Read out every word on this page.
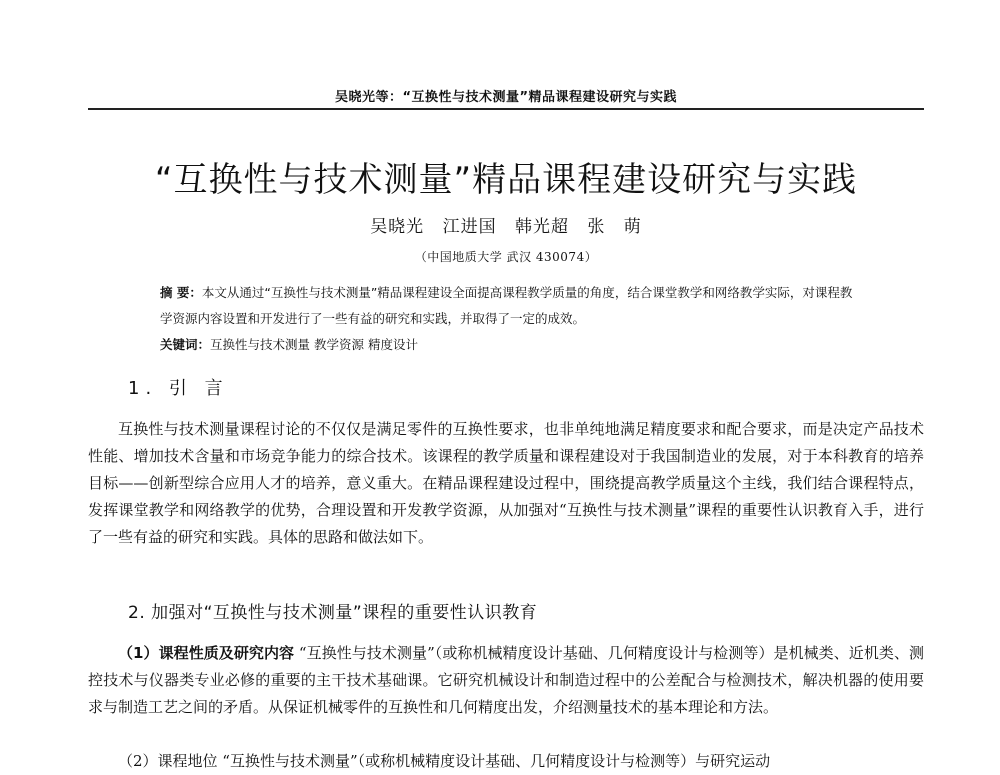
吴晓光等：“互换性与技术测量”精品课程建设研究与实践
“互换性与技术测量”精品课程建设研究与实践
吴晓光 江进国 韩光超 张 萌
（中国地质大学 武汉 430074）
摘 要：本文从通过“互换性与技术测量”精品课程建设全面提高课程教学质量的角度，结合课堂教学和网络教学实际，对课程教学资源内容设置和开发进行了一些有益的研究和实践，并取得了一定的成效。
关键词：互换性与技术测量 教学资源 精度设计
1. 引 言
互换性与技术测量课程讨论的不仅仅是满足零件的互换性要求，也非单纯地满足精度要求和配合要求，而是决定产品技术性能、增加技术含量和市场竞争能力的综合技术。该课程的教学质量和课程建设对于我国制造业的发展，对于本科教育的培养目标——创新型综合应用人才的培养，意义重大。在精品课程建设过程中，围绕提高教学质量这个主线，我们结合课程特点，发挥课堂教学和网络教学的优势，合理设置和开发教学资源，从加强对“互换性与技术测量”课程的重要性认识教育入手，进行了一些有益的研究和实践。具体的思路和做法如下。
2. 加强对“互换性与技术测量”课程的重要性认识教育
（1）课程性质及研究内容 “互换性与技术测量”（或称机械精度设计基础、几何精度设计与检测等）是机械类、近机类、测控技术与仪器类专业必修的重要的主干技术基础课。它研究机械设计和制造过程中的公差配合与检测技术，解决机器的使用要求与制造工艺之间的矛盾。从保证机械零件的互换性和几何精度出发，介绍测量技术的基本理论和方法。
（2）课程地位 “互换性与技术测量”（或称机械精度设计基础、几何精度设计与检测等）与研究运动
